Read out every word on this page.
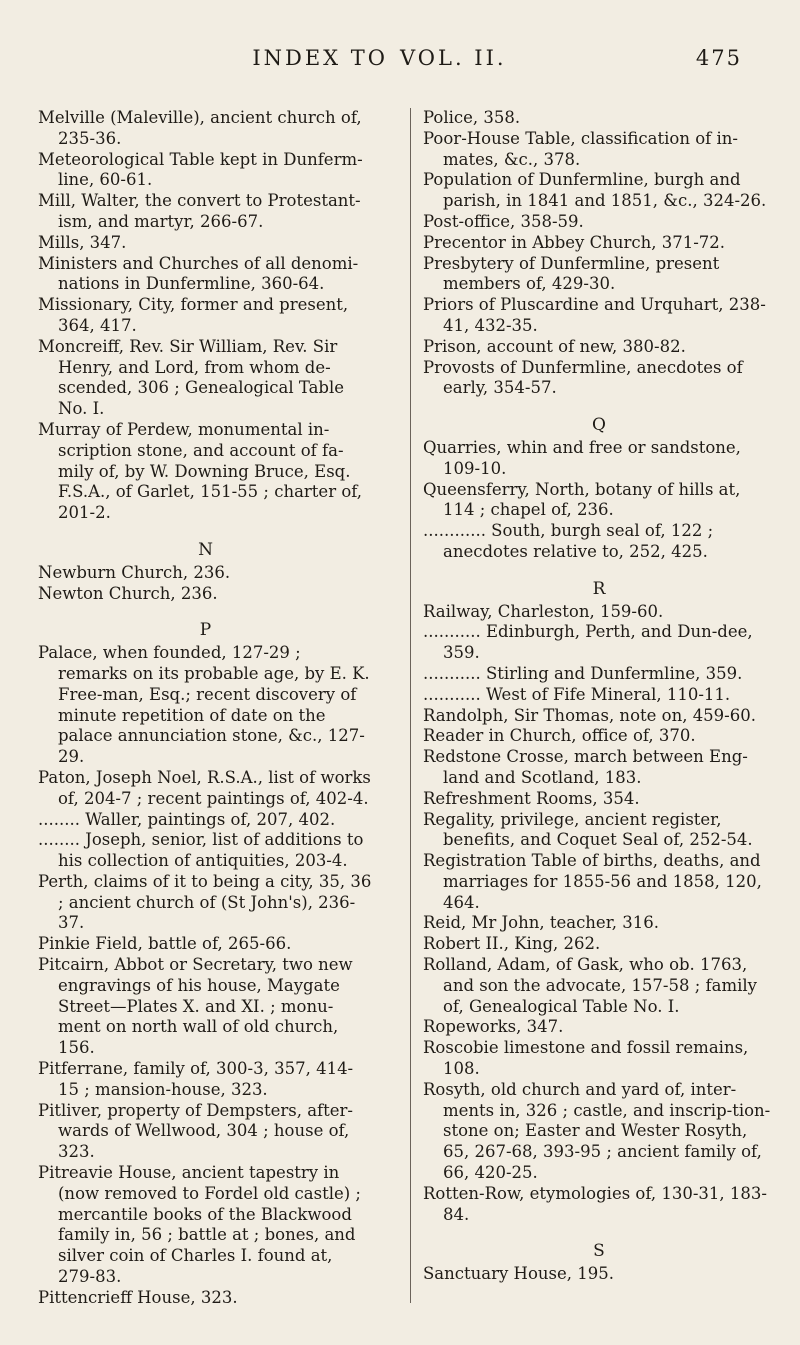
INDEX TO VOL. II.	475

Melville (Maleville), ancient church of, 235-36.

Meteorological Table kept in Dunferm-line, 60-61.

Mill, Walter, the convert to Protestant-ism, and martyr, 266-67.

Mills, 347.

Ministers and Churches of all denomi-nations in Dunfermline, 360-64.

Missionary, City, former and present, 364, 417.

Moncreiff, Rev. Sir William, Rev. Sir Henry, and Lord, from whom de-scended, 306 ; Genealogical Table No. I.

Murray of Perdew, monumental in-scription stone, and account of fa-mily of, by W. Downing Bruce, Esq. F.S.A., of Garlet, 151-55 ; charter of, 201-2.

N

Newburn Church, 236.

Newton Church, 236.

P

Palace, when founded, 127-29 ; remarks on its probable age, by E. K. Free-man, Esq.; recent discovery of minute repetition of date on the palace annunciation stone, &c., 127-29.

Paton, Joseph Noel, R.S.A., list of works of, 204-7 ; recent paintings of, 402-4.

........ Waller, paintings of, 207, 402.

........ Joseph, senior, list of additions to his collection of antiquities, 203-4.

Perth, claims of it to being a city, 35, 36 ; ancient church of (St John's), 236-37.

Pinkie Field, battle of, 265-66.

Pitcairn, Abbot or Secretary, two new engravings of his house, Maygate Street—Plates X. and XI. ; monu-ment on north wall of old church, 156.

Pitferrane, family of, 300-3, 357, 414-15 ; mansion-house, 323.

Pitliver, property of Dempsters, after-wards of Wellwood, 304 ; house of, 323.

Pitreavie House, ancient tapestry in (now removed to Fordel old castle) ; mercantile books of the Blackwood family in, 56 ; battle at ; bones, and silver coin of Charles I. found at, 279-83.

Pittencrieff House, 323.

Police, 358.

Poor-House Table, classification of in-mates, &c., 378.

Population of Dunfermline, burgh and parish, in 1841 and 1851, &c., 324-26.

Post-office, 358-59.

Precentor in Abbey Church, 371-72.

Presbytery of Dunfermline, present members of, 429-30.

Priors of Pluscardine and Urquhart, 238-41, 432-35.

Prison, account of new, 380-82.

Provosts of Dunfermline, anecdotes of early, 354-57.

Q

Quarries, whin and free or sandstone, 109-10.

Queensferry, North, botany of hills at, 114 ; chapel of, 236.

............ South, burgh seal of, 122 ; anecdotes relative to, 252, 425.

R

Railway, Charleston, 159-60.

........... Edinburgh, Perth, and Dun-dee, 359.

........... Stirling and Dunfermline, 359.

........... West of Fife Mineral, 110-11.

Randolph, Sir Thomas, note on, 459-60.

Reader in Church, office of, 370.

Redstone Crosse, march between Eng-land and Scotland, 183.

Refreshment Rooms, 354.

Regality, privilege, ancient register, benefits, and Coquet Seal of, 252-54.

Registration Table of births, deaths, and marriages for 1855-56 and 1858, 120, 464.

Reid, Mr John, teacher, 316.

Robert II., King, 262.

Rolland, Adam, of Gask, who ob. 1763, and son the advocate, 157-58 ; family of, Genealogical Table No. I.

Ropeworks, 347.

Roscobie limestone and fossil remains, 108.

Rosyth, old church and yard of, inter-ments in, 326 ; castle, and inscrip-tion-stone on; Easter and Wester Rosyth, 65, 267-68, 393-95 ; ancient family of, 66, 420-25.

Rotten-Row, etymologies of, 130-31, 183-84.

S

Sanctuary House, 195.
